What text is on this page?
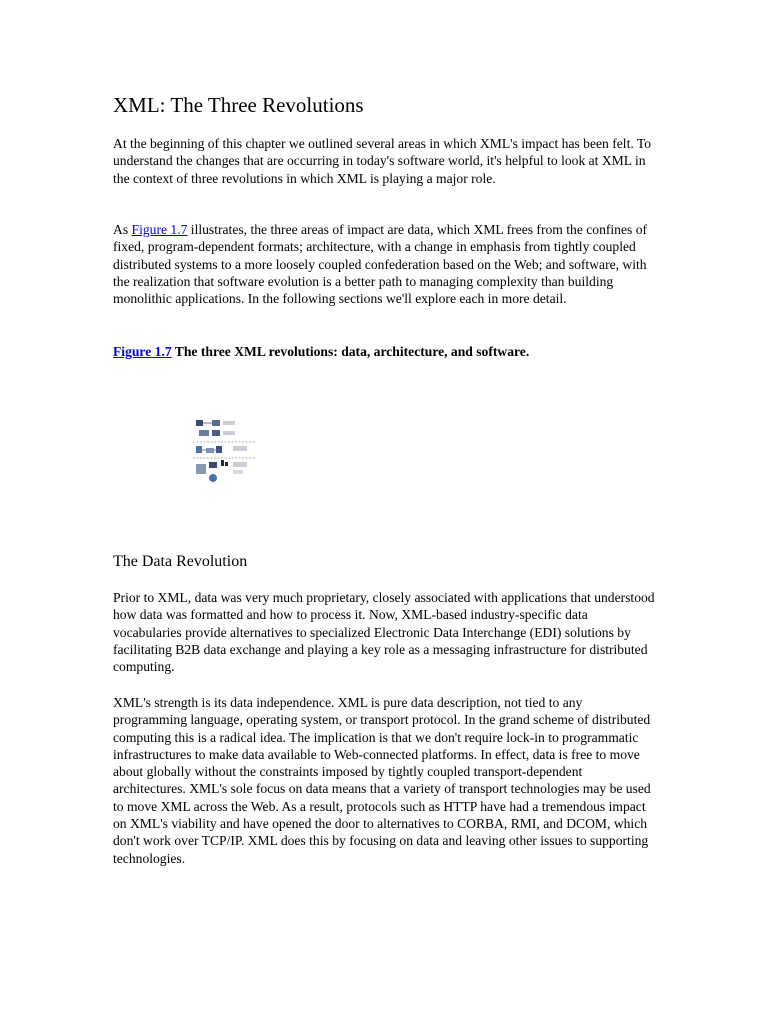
XML: The Three Revolutions

At the beginning of this chapter we outlined several areas in which XML's impact has been felt. To understand the changes that are occurring in today's software world, it's helpful to look at XML in the context of three revolutions in which XML is playing a major role.

As Figure 1.7 illustrates, the three areas of impact are data, which XML frees from the confines of fixed, program-dependent formats; architecture, with a change in emphasis from tightly coupled distributed systems to a more loosely coupled confederation based on the Web; and software, with the realization that software evolution is a better path to managing complexity than building monolithic applications. In the following sections we'll explore each in more detail.

Figure 1.7 The three XML revolutions: data, architecture, and software.

The Data Revolution

Prior to XML, data was very much proprietary, closely associated with applications that understood how data was formatted and how to process it. Now, XML-based industry-specific data vocabularies provide alternatives to specialized Electronic Data Interchange (EDI) solutions by facilitating B2B data exchange and playing a key role as a messaging infrastructure for distributed computing.

XML's strength is its data independence. XML is pure data description, not tied to any programming language, operating system, or transport protocol. In the grand scheme of distributed computing this is a radical idea. The implication is that we don't require lock-in to programmatic infrastructures to make data available to Web-connected platforms. In effect, data is free to move about globally without the constraints imposed by tightly coupled transport-dependent architectures. XML's sole focus on data means that a variety of transport technologies may be used to move XML across the Web. As a result, protocols such as HTTP have had a tremendous impact on XML's viability and have opened the door to alternatives to CORBA, RMI, and DCOM, which don't work over TCP/IP. XML does this by focusing on data and leaving other issues to supporting technologies.
